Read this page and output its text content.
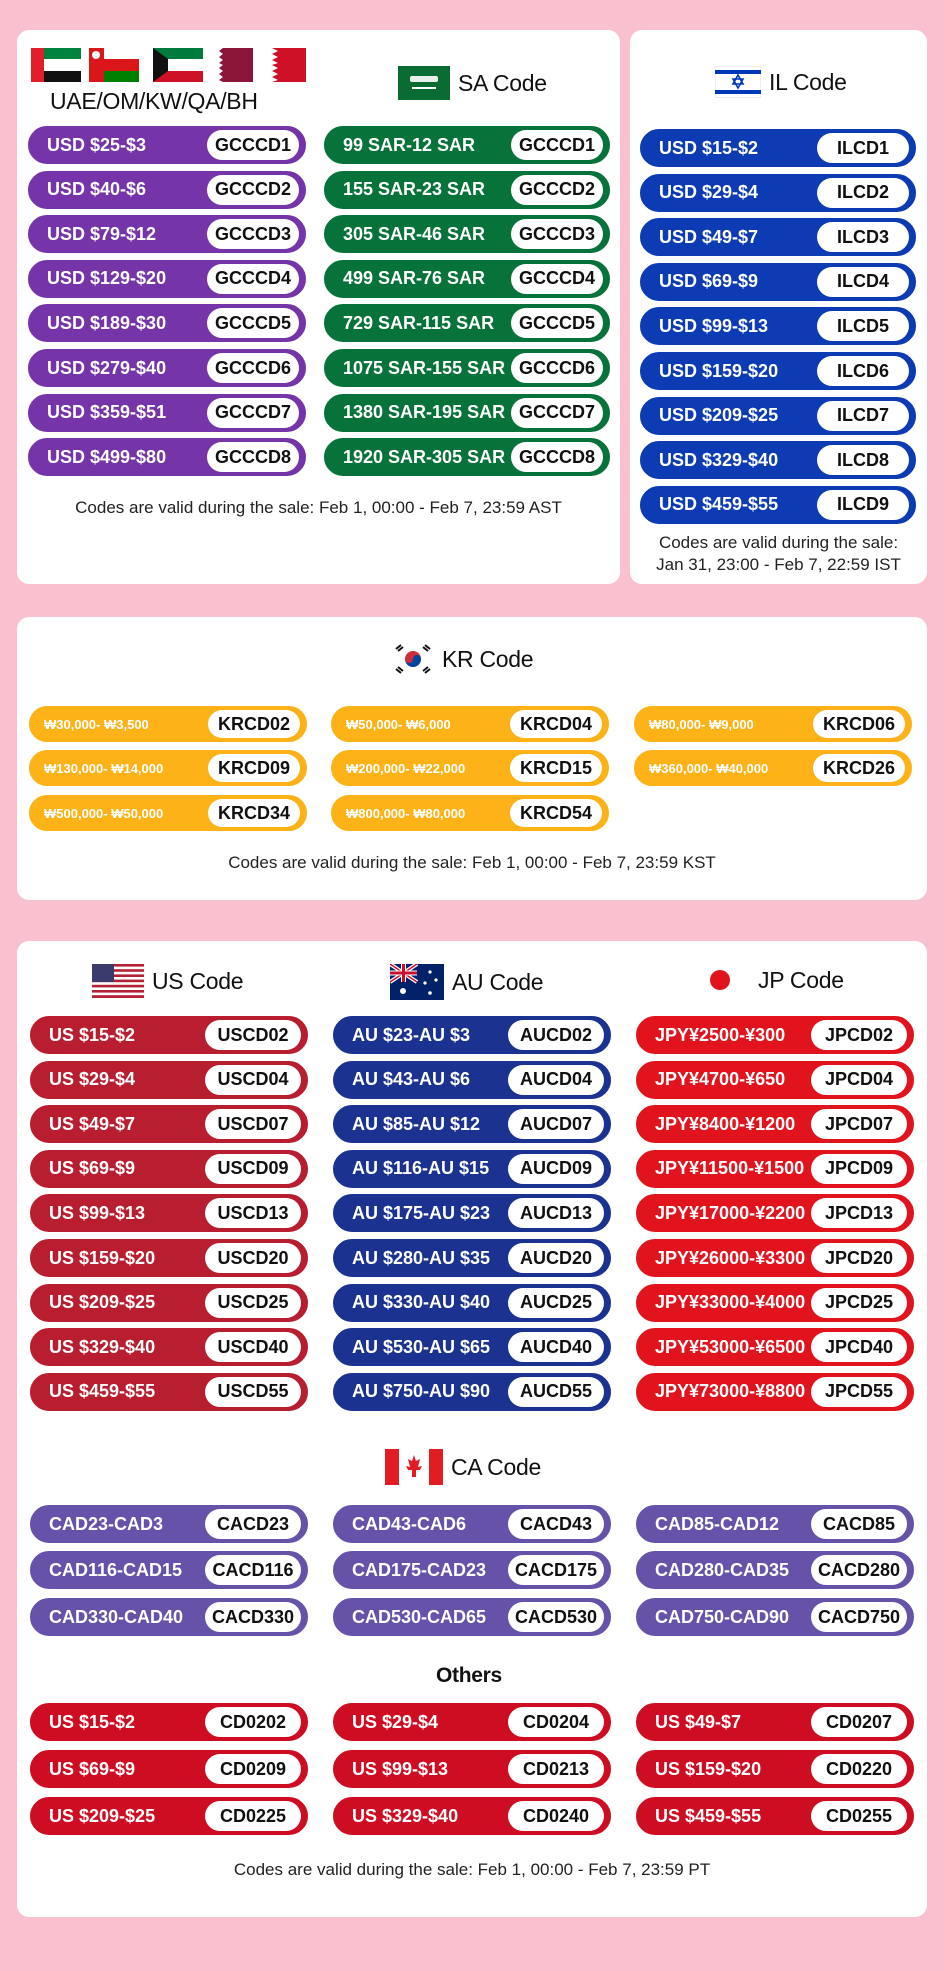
UAE/OM/KW/QA/BH
SA Code
USD $25-$3	GCCCD1
USD $40-$6	GCCCD2
USD $79-$12	GCCCD3
USD $129-$20	GCCCD4
USD $189-$30	GCCCD5
USD $279-$40	GCCCD6
USD $359-$51	GCCCD7
USD $499-$80	GCCCD8
99 SAR-12 SAR	GCCCD1
155 SAR-23 SAR	GCCCD2
305 SAR-46 SAR	GCCCD3
499 SAR-76 SAR	GCCCD4
729 SAR-115 SAR	GCCCD5
1075 SAR-155 SAR GCCCD6
1380 SAR-195 SAR GCCCD7
1920 SAR-305 SAR GCCCD8
Codes are valid during the sale: Feb 1, 00:00 - Feb 7, 23:59 AST
IL Code
USD $15-$2	ILCD1
USD $29-$4	ILCD2
USD $49-$7	ILCD3
USD $69-$9	ILCD4
USD $99-$13	ILCD5
USD $159-$20	ILCD6
USD $209-$25	ILCD7
USD $329-$40	ILCD8
USD $459-$55	ILCD9
Codes are valid during the sale:
Jan 31, 23:00 - Feb 7, 22:59 IST
KR Code
₩30,000- ₩3,500	KRCD02	₩50,000- ₩6,000	KRCD04	₩80,000- ₩9,000	KRCD06
₩130,000- ₩14,000	KRCD09	₩200,000- ₩22,000	KRCD15	₩360,000- ₩40,000	KRCD26
₩500,000- ₩50,000	KRCD34	₩800,000- ₩80,000	KRCD54
Codes are valid during the sale: Feb 1, 00:00 - Feb 7, 23:59 KST
US Code	AU Code	JP Code
US $15-$2	USCD02
US $29-$4	USCD04
US $49-$7	USCD07
US $69-$9	USCD09
US $99-$13	USCD13
US $159-$20	USCD20
US $209-$25	USCD25
US $329-$40	USCD40
US $459-$55	USCD55
AU $23-AU $3	AUCD02
AU $43-AU $6	AUCD04
AU $85-AU $12	AUCD07
AU $116-AU $15	AUCD09
AU $175-AU $23	AUCD13
AU $280-AU $35	AUCD20
AU $330-AU $40	AUCD25
AU $530-AU $65	AUCD40
AU $750-AU $90	AUCD55
JPY¥2500-¥300	JPCD02
JPY¥4700-¥650	JPCD04
JPY¥8400-¥1200	JPCD07
JPY¥11500-¥1500	JPCD09
JPY¥17000-¥2200	JPCD13
JPY¥26000-¥3300	JPCD20
JPY¥33000-¥4000	JPCD25
JPY¥53000-¥6500	JPCD40
JPY¥73000-¥8800	JPCD55
CA Code
CAD23-CAD3	CACD23	CAD43-CAD6	CACD43	CAD85-CAD12	CACD85
CAD116-CAD15	CACD116	CAD175-CAD23	CACD175	CAD280-CAD35	CACD280
CAD330-CAD40	CACD330	CAD530-CAD65	CACD530	CAD750-CAD90	CACD750
Others
US $15-$2	CD0202	US $29-$4	CD0204	US $49-$7	CD0207
US $69-$9	CD0209	US $99-$13	CD0213	US $159-$20	CD0220
US $209-$25	CD0225	US $329-$40	CD0240	US $459-$55	CD0255
Codes are valid during the sale: Feb 1, 00:00 - Feb 7, 23:59 PT
